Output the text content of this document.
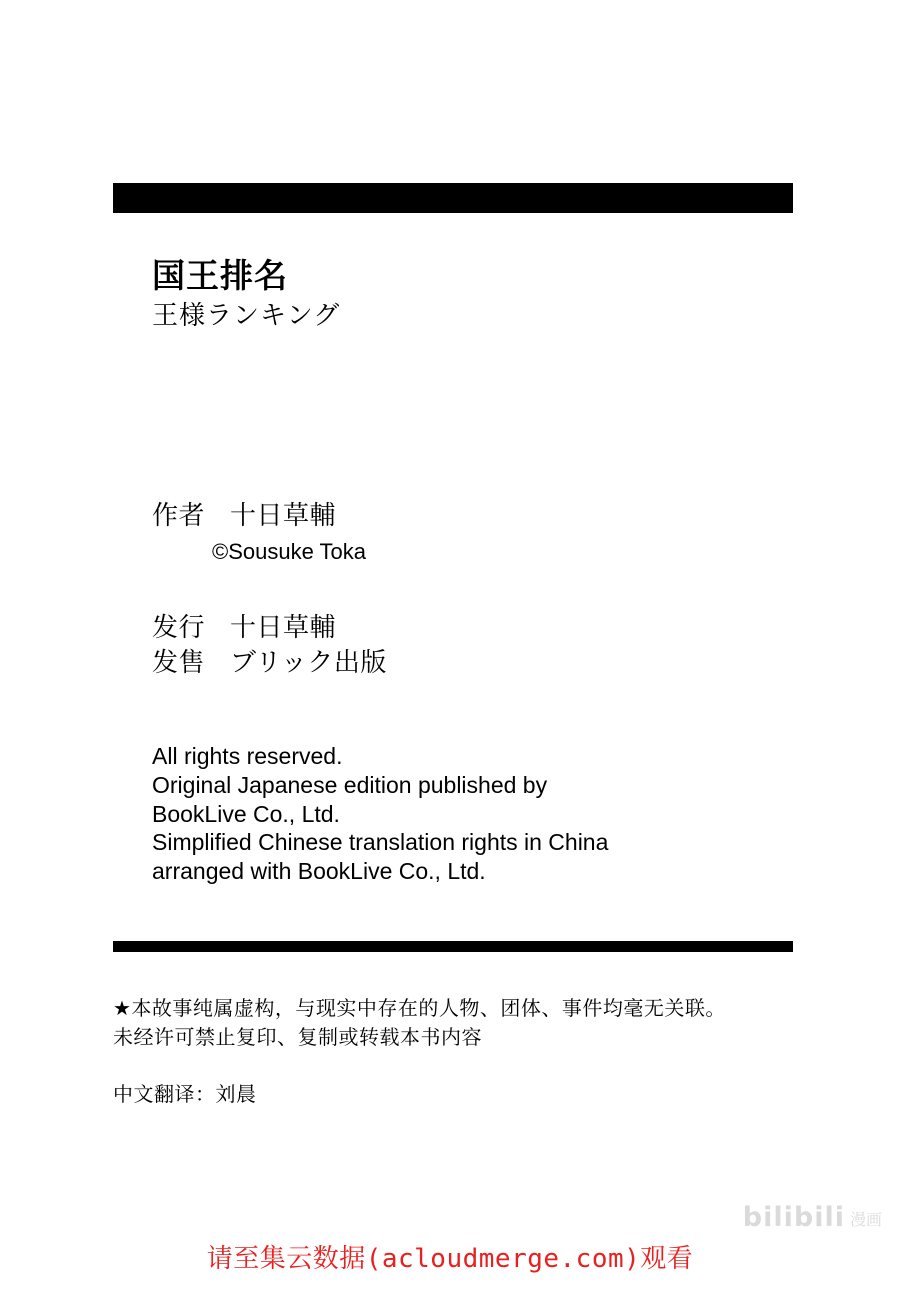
国王排名
王様ランキング
作者 十日草輔
©Sousuke Toka
发行 十日草輔
发售 ブリック出版
All rights reserved.
Original Japanese edition published by
BookLive Co., Ltd.
Simplified Chinese translation rights in China
arranged with BookLive Co., Ltd.
★本故事纯属虚构，与现实中存在的人物、团体、事件均毫无关联。
未经许可禁止复印、复制或转载本书内容
中文翻译：刘晨
bilibili 漫画
请至集云数据(acloudmerge.com)观看
